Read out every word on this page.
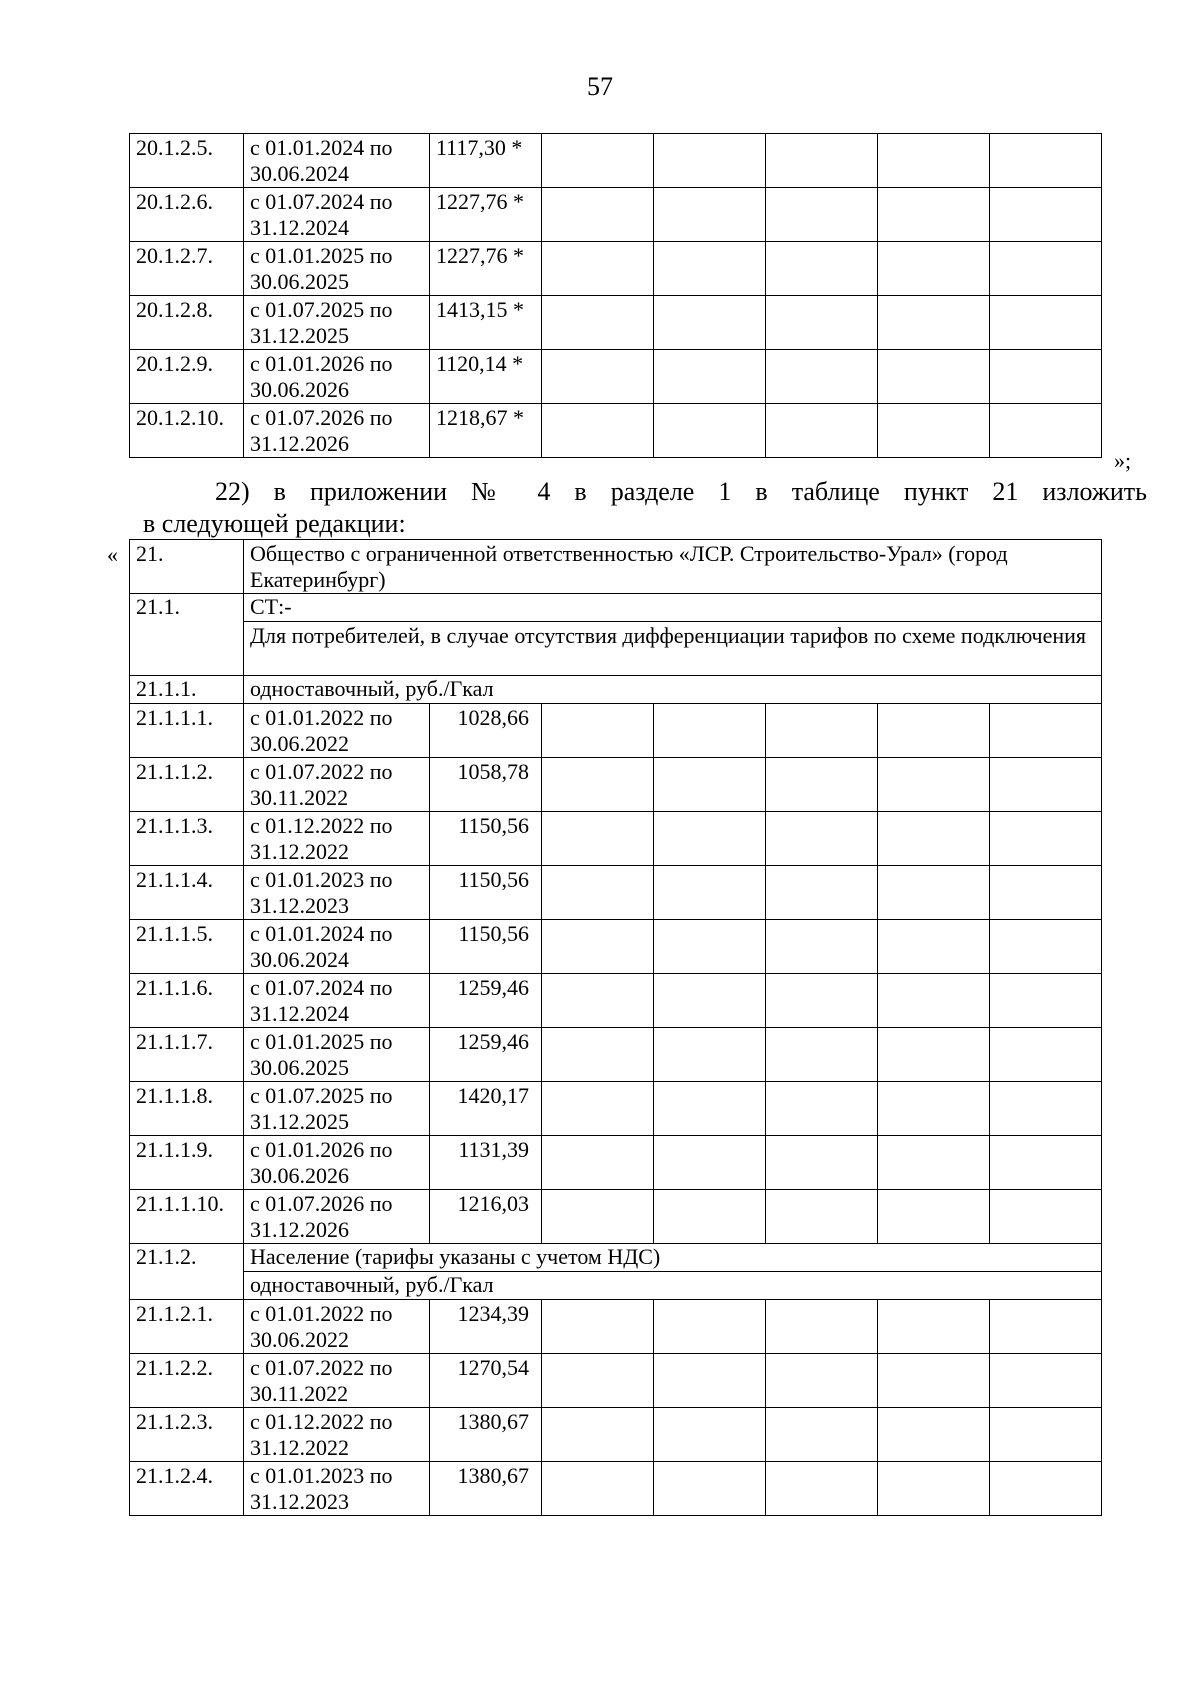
57
20.1.2.5.	с 01.01.2024 по 30.06.2024	1117,30 *					
20.1.2.6.	с 01.07.2024 по 31.12.2024	1227,76 *					
20.1.2.7.	с 01.01.2025 по 30.06.2025	1227,76 *					
20.1.2.8.	с 01.07.2025 по 31.12.2025	1413,15 *					
20.1.2.9.	с 01.01.2026 по 30.06.2026	1120,14 *					
20.1.2.10.	с 01.07.2026 по 31.12.2026	1218,67 *					
»;
22) в приложении № 4 в разделе 1 в таблице пункт 21 изложить
в следующей редакции:
« 21.	Общество с ограниченной ответственностью «ЛСР. Строительство-Урал» (город Екатеринбург)						
21.1.	СТ:-						
	Для потребителей, в случае отсутствия дифференциации тарифов по схеме подключения						
21.1.1.	одноставочный, руб./Гкал						
21.1.1.1.	с 01.01.2022 по 30.06.2022	1028,66					
21.1.1.2.	с 01.07.2022 по 30.11.2022	1058,78					
21.1.1.3.	с 01.12.2022 по 31.12.2022	1150,56					
21.1.1.4.	с 01.01.2023 по 31.12.2023	1150,56					
21.1.1.5.	с 01.01.2024 по 30.06.2024	1150,56					
21.1.1.6.	с 01.07.2024 по 31.12.2024	1259,46					
21.1.1.7.	с 01.01.2025 по 30.06.2025	1259,46					
21.1.1.8.	с 01.07.2025 по 31.12.2025	1420,17					
21.1.1.9.	с 01.01.2026 по 30.06.2026	1131,39					
21.1.1.10.	с 01.07.2026 по 31.12.2026	1216,03					
21.1.2.	Население (тарифы указаны с учетом НДС)						
	одноставочный, руб./Гкал						
21.1.2.1.	с 01.01.2022 по 30.06.2022	1234,39					
21.1.2.2.	с 01.07.2022 по 30.11.2022	1270,54					
21.1.2.3.	с 01.12.2022 по 31.12.2022	1380,67					
21.1.2.4.	с 01.01.2023 по 31.12.2023	1380,67					
